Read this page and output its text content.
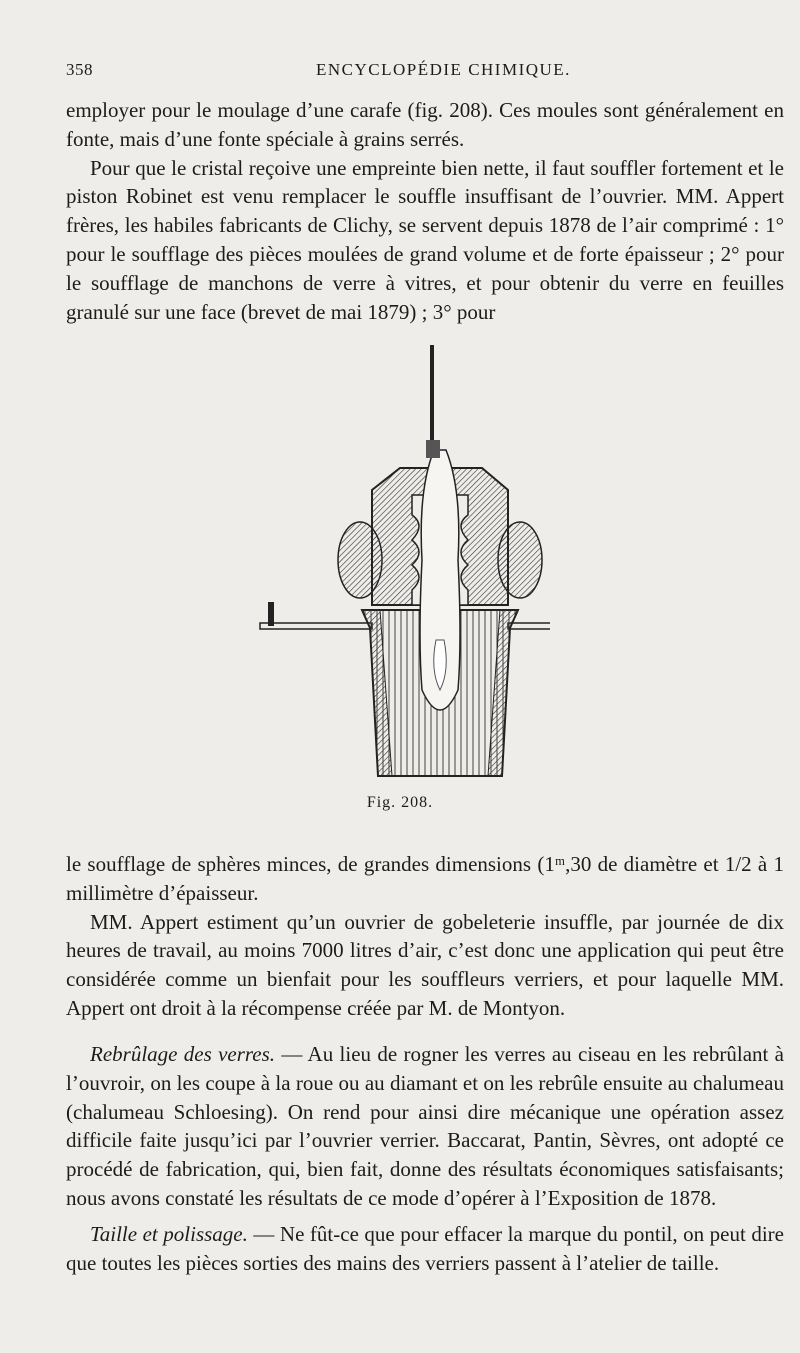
358	ENCYCLOPÉDIE CHIMIQUE.

employer pour le moulage d’une carafe (fig. 208). Ces moules sont généralement en fonte, mais d’une fonte spéciale à grains serrés.

Pour que le cristal reçoive une empreinte bien nette, il faut souffler fortement et le piston Robinet est venu remplacer le souffle insuffisant de l’ouvrier. MM. Appert frères, les habiles fabricants de Clichy, se servent depuis 1878 de l’air comprimé : 1° pour le soufflage des pièces moulées de grand volume et de forte épaisseur ; 2° pour le soufflage de manchons de verre à vitres, et pour obtenir du verre en feuilles granulé sur une face (brevet de mai 1879) ; 3° pour

Fig. 208.

le soufflage de sphères minces, de grandes dimensions (1ᵐ,30 de diamètre et 1/2 à 1 millimètre d’épaisseur.

MM. Appert estiment qu’un ouvrier de gobeleterie insuffle, par journée de dix heures de travail, au moins 7000 litres d’air, c’est donc une application qui peut être considérée comme un bienfait pour les souffleurs verriers, et pour laquelle MM. Appert ont droit à la récompense créée par M. de Montyon.

Rebrûlage des verres. — Au lieu de rogner les verres au ciseau en les rebrûlant à l’ouvroir, on les coupe à la roue ou au diamant et on les rebrûle ensuite au chalumeau (chalumeau Schloesing). On rend pour ainsi dire mécanique une opération assez difficile faite jusqu’ici par l’ouvrier verrier. Baccarat, Pantin, Sèvres, ont adopté ce procédé de fabrication, qui, bien fait, donne des résultats économiques satisfaisants; nous avons constaté les résultats de ce mode d’opérer à l’Exposition de 1878.

Taille et polissage. — Ne fût-ce que pour effacer la marque du pontil, on peut dire que toutes les pièces sorties des mains des verriers passent à l’atelier de taille.
